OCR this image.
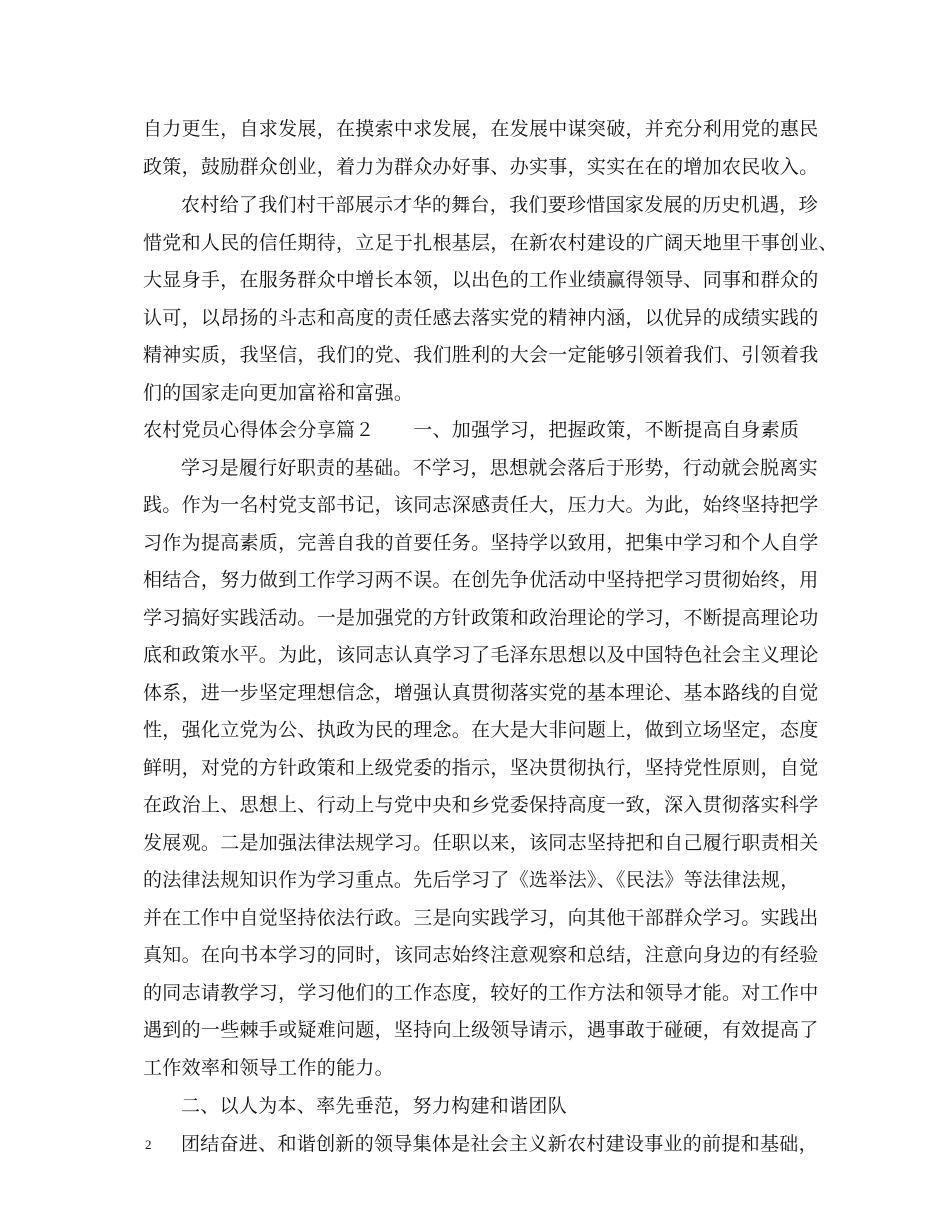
自力更生，自求发展，在摸索中求发展，在发展中谋突破，并充分利用党的惠民
政策，鼓励群众创业，着力为群众办好事、办实事，实实在在的增加农民收入。
农村给了我们村干部展示才华的舞台，我们要珍惜国家发展的历史机遇，珍
惜党和人民的信任期待，立足于扎根基层，在新农村建设的广阔天地里干事创业、
大显身手，在服务群众中增长本领，以出色的工作业绩赢得领导、同事和群众的
认可，以昂扬的斗志和高度的责任感去落实党的精神内涵，以优异的成绩实践的
精神实质，我坚信，我们的党、我们胜利的大会一定能够引领着我们、引领着我
们的国家走向更加富裕和富强。
农村党员心得体会分享篇２　　一、加强学习，把握政策，不断提高自身素质
学习是履行好职责的基础。不学习，思想就会落后于形势，行动就会脱离实
践。作为一名村党支部书记，该同志深感责任大，压力大。为此，始终坚持把学
习作为提高素质，完善自我的首要任务。坚持学以致用，把集中学习和个人自学
相结合，努力做到工作学习两不误。在创先争优活动中坚持把学习贯彻始终，用
学习搞好实践活动。一是加强党的方针政策和政治理论的学习，不断提高理论功
底和政策水平。为此，该同志认真学习了毛泽东思想以及中国特色社会主义理论
体系，进一步坚定理想信念，增强认真贯彻落实党的基本理论、基本路线的自觉
性，强化立党为公、执政为民的理念。在大是大非问题上，做到立场坚定，态度
鲜明，对党的方针政策和上级党委的指示，坚决贯彻执行，坚持党性原则，自觉
在政治上、思想上、行动上与党中央和乡党委保持高度一致，深入贯彻落实科学
发展观。二是加强法律法规学习。任职以来，该同志坚持把和自己履行职责相关
的法律法规知识作为学习重点。先后学习了《选举法》、《民法》等法律法规，
并在工作中自觉坚持依法行政。三是向实践学习，向其他干部群众学习。实践出
真知。在向书本学习的同时，该同志始终注意观察和总结，注意向身边的有经验
的同志请教学习，学习他们的工作态度，较好的工作方法和领导才能。对工作中
遇到的一些棘手或疑难问题，坚持向上级领导请示，遇事敢于碰硬，有效提高了
工作效率和领导工作的能力。
二、以人为本、率先垂范，努力构建和谐团队
团结奋进、和谐创新的领导集体是社会主义新农村建设事业的前提和基础，
2
